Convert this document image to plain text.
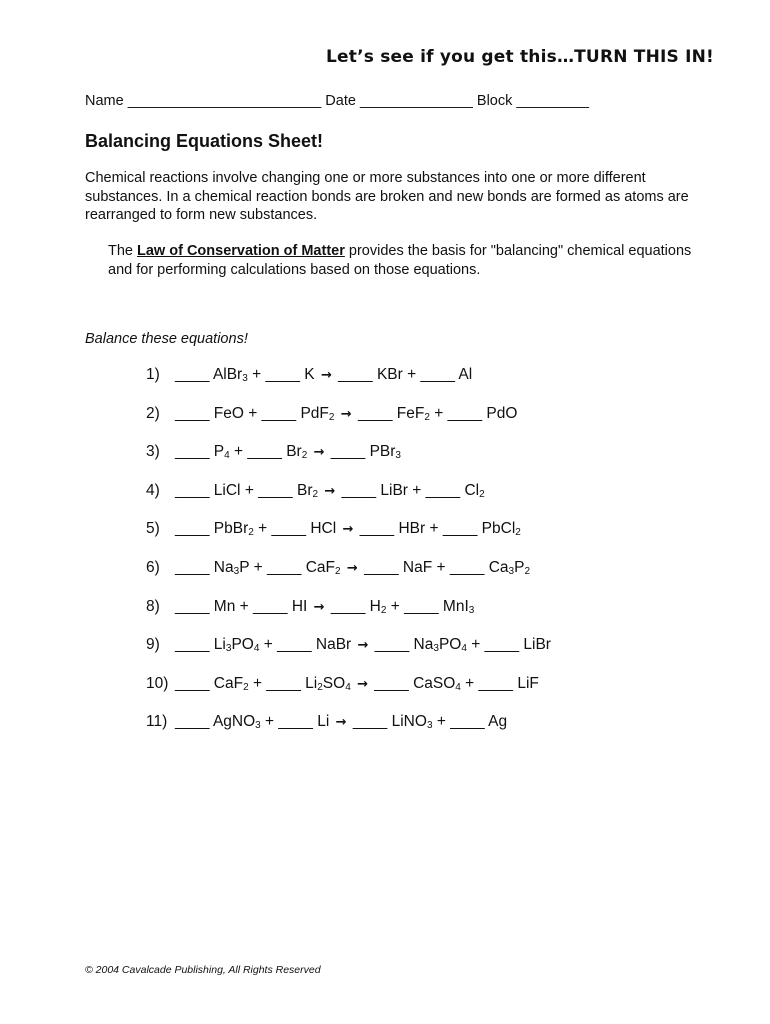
Let’s see if you get this…TURN THIS IN!
Name ________________________ Date ______________ Block _________
Balancing Equations Sheet!

Chemical reactions involve changing one or more substances into one or more different substances. In a chemical reaction bonds are broken and new bonds are formed as atoms are rearranged to form new substances.

The Law of Conservation of Matter provides the basis for "balancing" chemical equations and for performing calculations based on those equations.

Balance these equations!
1) ____ AlBr$_3$ + ____ K → ____ KBr + ____ Al
2) ____ FeO + ____ PdF$_2$ → ____ FeF$_2$ + ____ PdO
3) ____ $P_4$ + ____ $Br_2$ → ____ PBr$_3$
4) ____ LiCl + ____ $Br_2$ → ____ LiBr + ____ $Cl_2$
5) ____ PbBr$_2$ + ____ HCl → ____ HBr + ____ PbCl$_2$
6) ____ $Na_3P$ + ____ CaF$_2$ → ____ NaF + ____ $Ca_3P_2$
8) ____ Mn + ____ HI → ____ $H_2$ + ____ MnI$_3$
9) ____ $Li_3PO_4$ + ____ NaBr → ____ $Na_3PO_4$ + ____ LiBr
10) ____ CaF$_2$ + ____ $Li_2SO_4$ → ____ CaSO$_4$ + ____ LiF
11) ____ AgNO$_3$ + ____ Li → ____ LiNO$_3$ + ____ Ag
© 2004 Cavalcade Publishing, All Rights Reserved
